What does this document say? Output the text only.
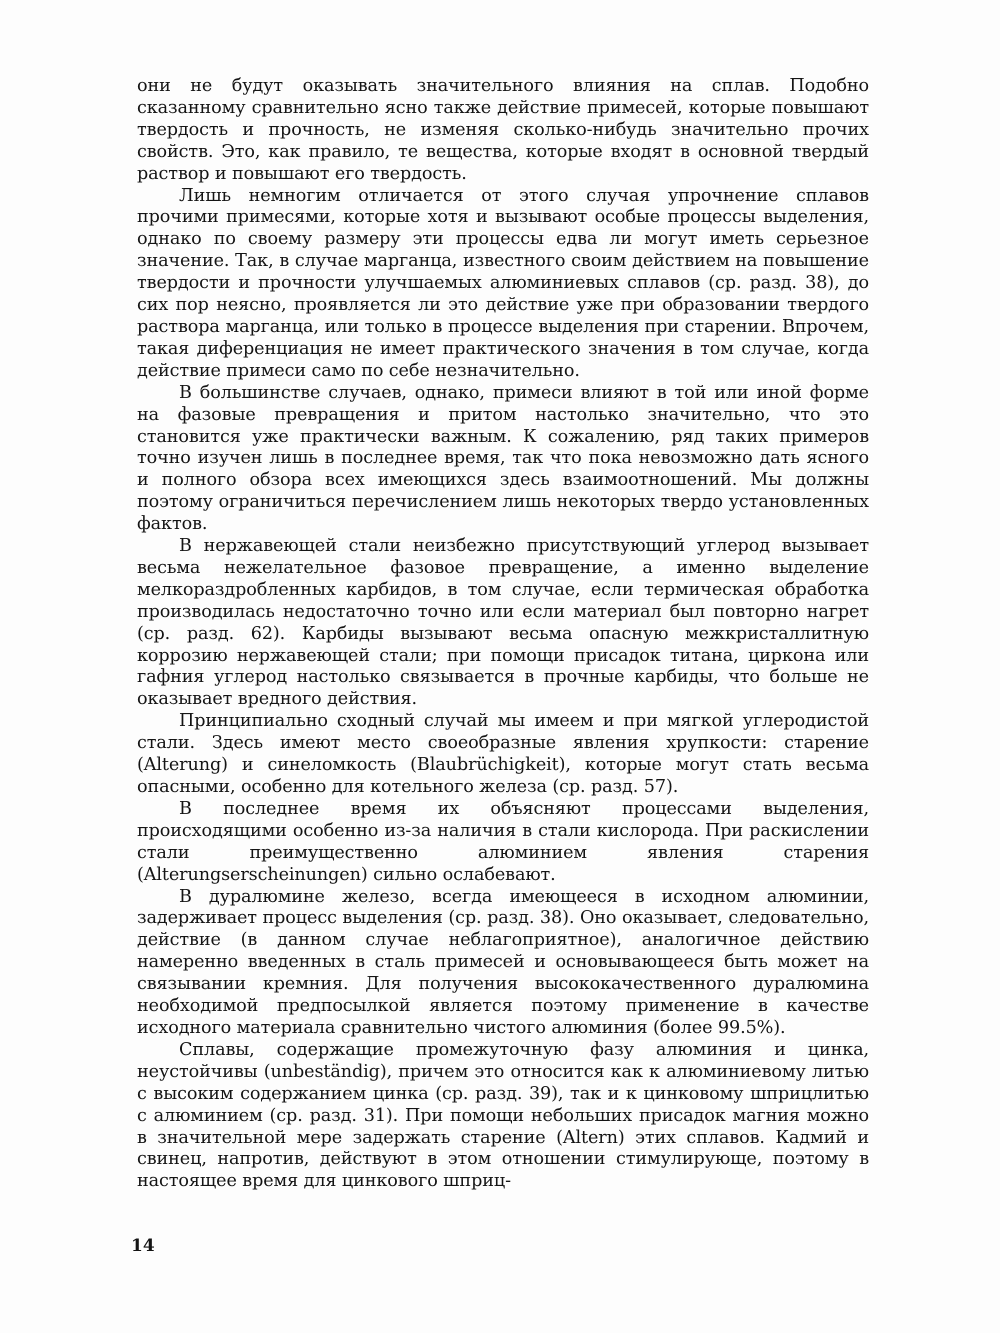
они не будут оказывать значительного влияния на сплав. Подобно сказанному сравнительно ясно также действие примесей, которые повышают твердость и прочность, не изменяя сколько-нибудь значительно прочих свойств. Это, как правило, те вещества, которые входят в основной твердый раствор и повышают его твердость.

Лишь немногим отличается от этого случая упрочнение сплавов прочими примесями, которые хотя и вызывают особые процессы выделения, однако по своему размеру эти процессы едва ли могут иметь серьезное значение. Так, в случае марганца, известного своим действием на повышение твердости и прочности улучшаемых алюминиевых сплавов (ср. разд. 38), до сих пор неясно, проявляется ли это действие уже при образовании твердого раствора марганца, или только в процессе выделения при старении. Впрочем, такая диференциация не имеет практического значения в том случае, когда действие примеси само по себе незначительно.

В большинстве случаев, однако, примеси влияют в той или иной форме на фазовые превращения и притом настолько значительно, что это становится уже практически важным. К сожалению, ряд таких примеров точно изучен лишь в последнее время, так что пока невозможно дать ясного и полного обзора всех имеющихся здесь взаимоотношений. Мы должны поэтому ограничиться перечислением лишь некоторых твердо установленных фактов.

В нержавеющей стали неизбежно присутствующий углерод вызывает весьма нежелательное фазовое превращение, а именно выделение мелкораздробленных карбидов, в том случае, если термическая обработка производилась недостаточно точно или если материал был повторно нагрет (ср. разд. 62). Карбиды вызывают весьма опасную межкристаллитную коррозию нержавеющей стали; при помощи присадок титана, циркона или гафния углерод настолько связывается в прочные карбиды, что больше не оказывает вредного действия.

Принципиально сходный случай мы имеем и при мягкой углеродистой стали. Здесь имеют место своеобразные явления хрупкости: старение (Alterung) и синеломкость (Blaubrüchigkeit), которые могут стать весьма опасными, особенно для котельного железа (ср. разд. 57).

В последнее время их объясняют процессами выделения, происходящими особенно из-за наличия в стали кислорода. При раскислении стали преимущественно алюминием явления старения (Alterungserscheinungen) сильно ослабевают.

В дуралюмине железо, всегда имеющееся в исходном алюминии, задерживает процесс выделения (ср. разд. 38). Оно оказывает, следовательно, действие (в данном случае неблагоприятное), аналогичное действию намеренно введенных в сталь примесей и основывающееся быть может на связывании кремния. Для получения высококачественного дуралюмина необходимой предпосылкой является поэтому применение в качестве исходного материала сравнительно чистого алюминия (более 99.5%).

Сплавы, содержащие промежуточную фазу алюминия и цинка, неустойчивы (unbeständig), причем это относится как к алюминиевому литью с высоким содержанием цинка (ср. разд. 39), так и к цинковому шприцлитью с алюминием (ср. разд. 31). При помощи небольших присадок магния можно в значительной мере задержать старение (Altern) этих сплавов. Кадмий и свинец, напротив, действуют в этом отношении стимулирующе, поэтому в настоящее время для цинкового шприц-

14
